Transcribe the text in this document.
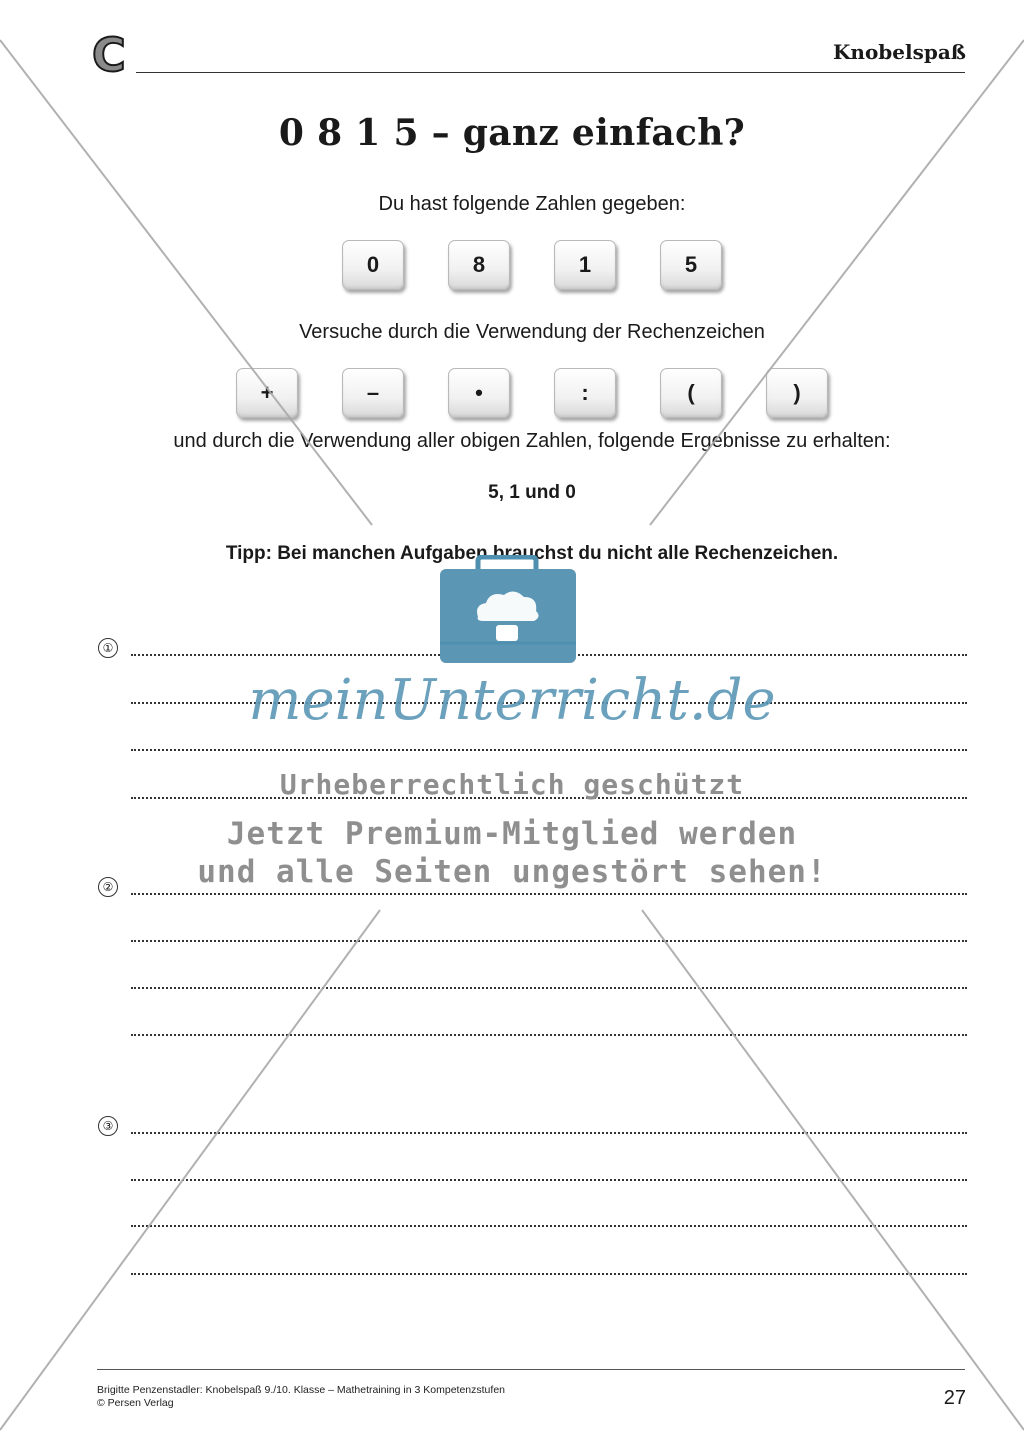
C	Knobelspaß
0 8 1 5 – ganz einfach?
Du hast folgende Zahlen gegeben:
0	8	1	5
Versuche durch die Verwendung der Rechenzeichen
+	–	•	:	(	)
und durch die Verwendung aller obigen Zahlen, folgende Ergebnisse zu erhalten:
5, 1 und 0
Tipp: Bei manchen Aufgaben brauchst du nicht alle Rechenzeichen.
①
②
③
meinUnterricht.de
Urheberrechtlich geschützt
Jetzt Premium-Mitglied werden
und alle Seiten ungestört sehen!
Brigitte Penzenstadler: Knobelspaß 9./10. Klasse – Mathetraining in 3 Kompetenzstufen
© Persen Verlag	27
